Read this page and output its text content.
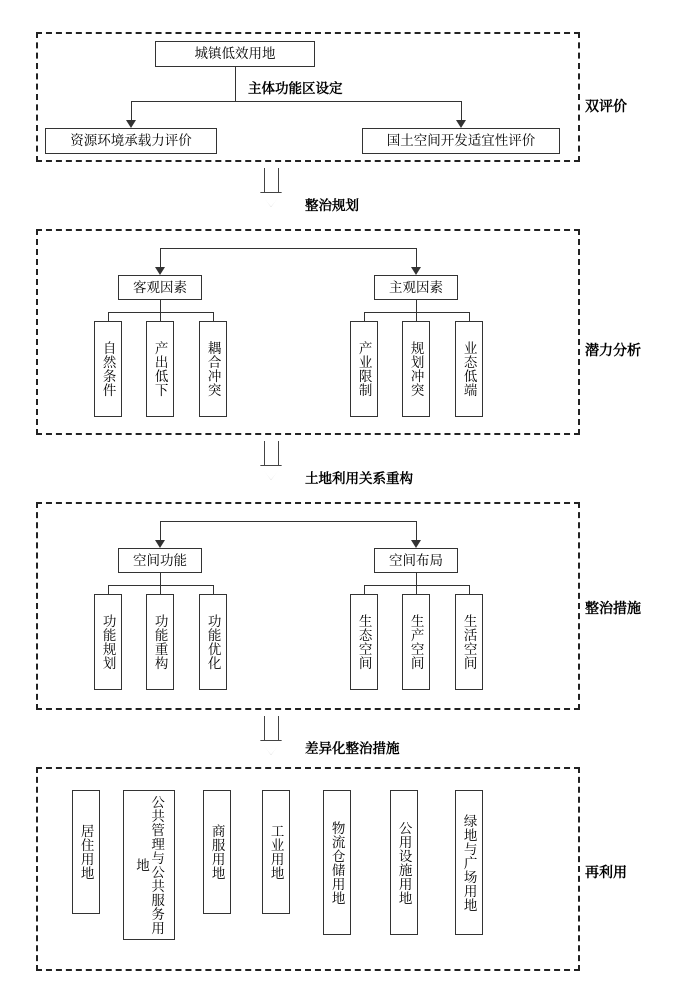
城镇低效用地
主体功能区设定
资源环境承载力评价	国土空间开发适宜性评价
双评价
整治规划
客观因素	主观因素
自然条件	产出低下	耦合冲突	产业限制	规划冲突	业态低端	潜力分析
土地利用关系重构
空间功能	空间布局
功能规划	功能重构	功能优化	生态空间	生产空间	生活空间
整治措施
差异化整治措施
居住用地	公共管理与公共服务用地	商服用地	工业用地	物流仓储用地	公用设施用地	绿地与广场用地	再利用
